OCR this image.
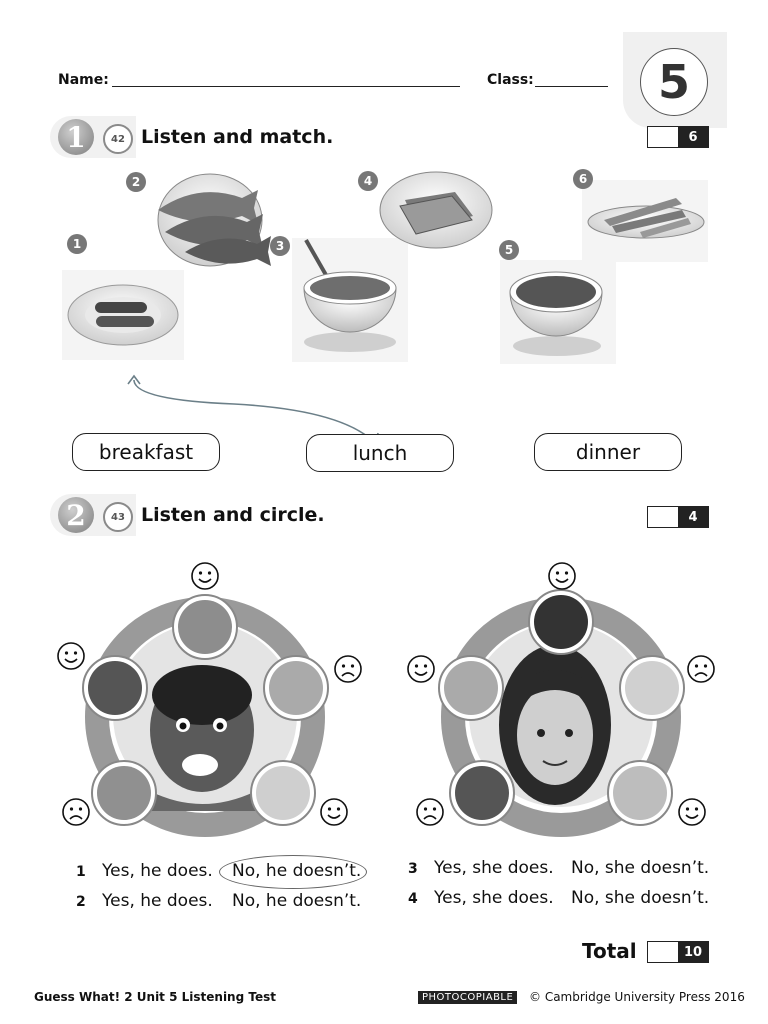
Name:	Class:	5
1	42 Listen and match.	6
1
2
3
4
5
6
breakfast	lunch	dinner
2	43 Listen and circle.	4
1 Yes, he does. No, he doesn’t.
2 Yes, he does. No, he doesn’t.
3 Yes, she does. No, she doesn’t.
4 Yes, she does. No, she doesn’t.
Total	10
Guess What! 2 Unit 5 Listening Test	PHOTOCOPIABLE	© Cambridge University Press 2016
